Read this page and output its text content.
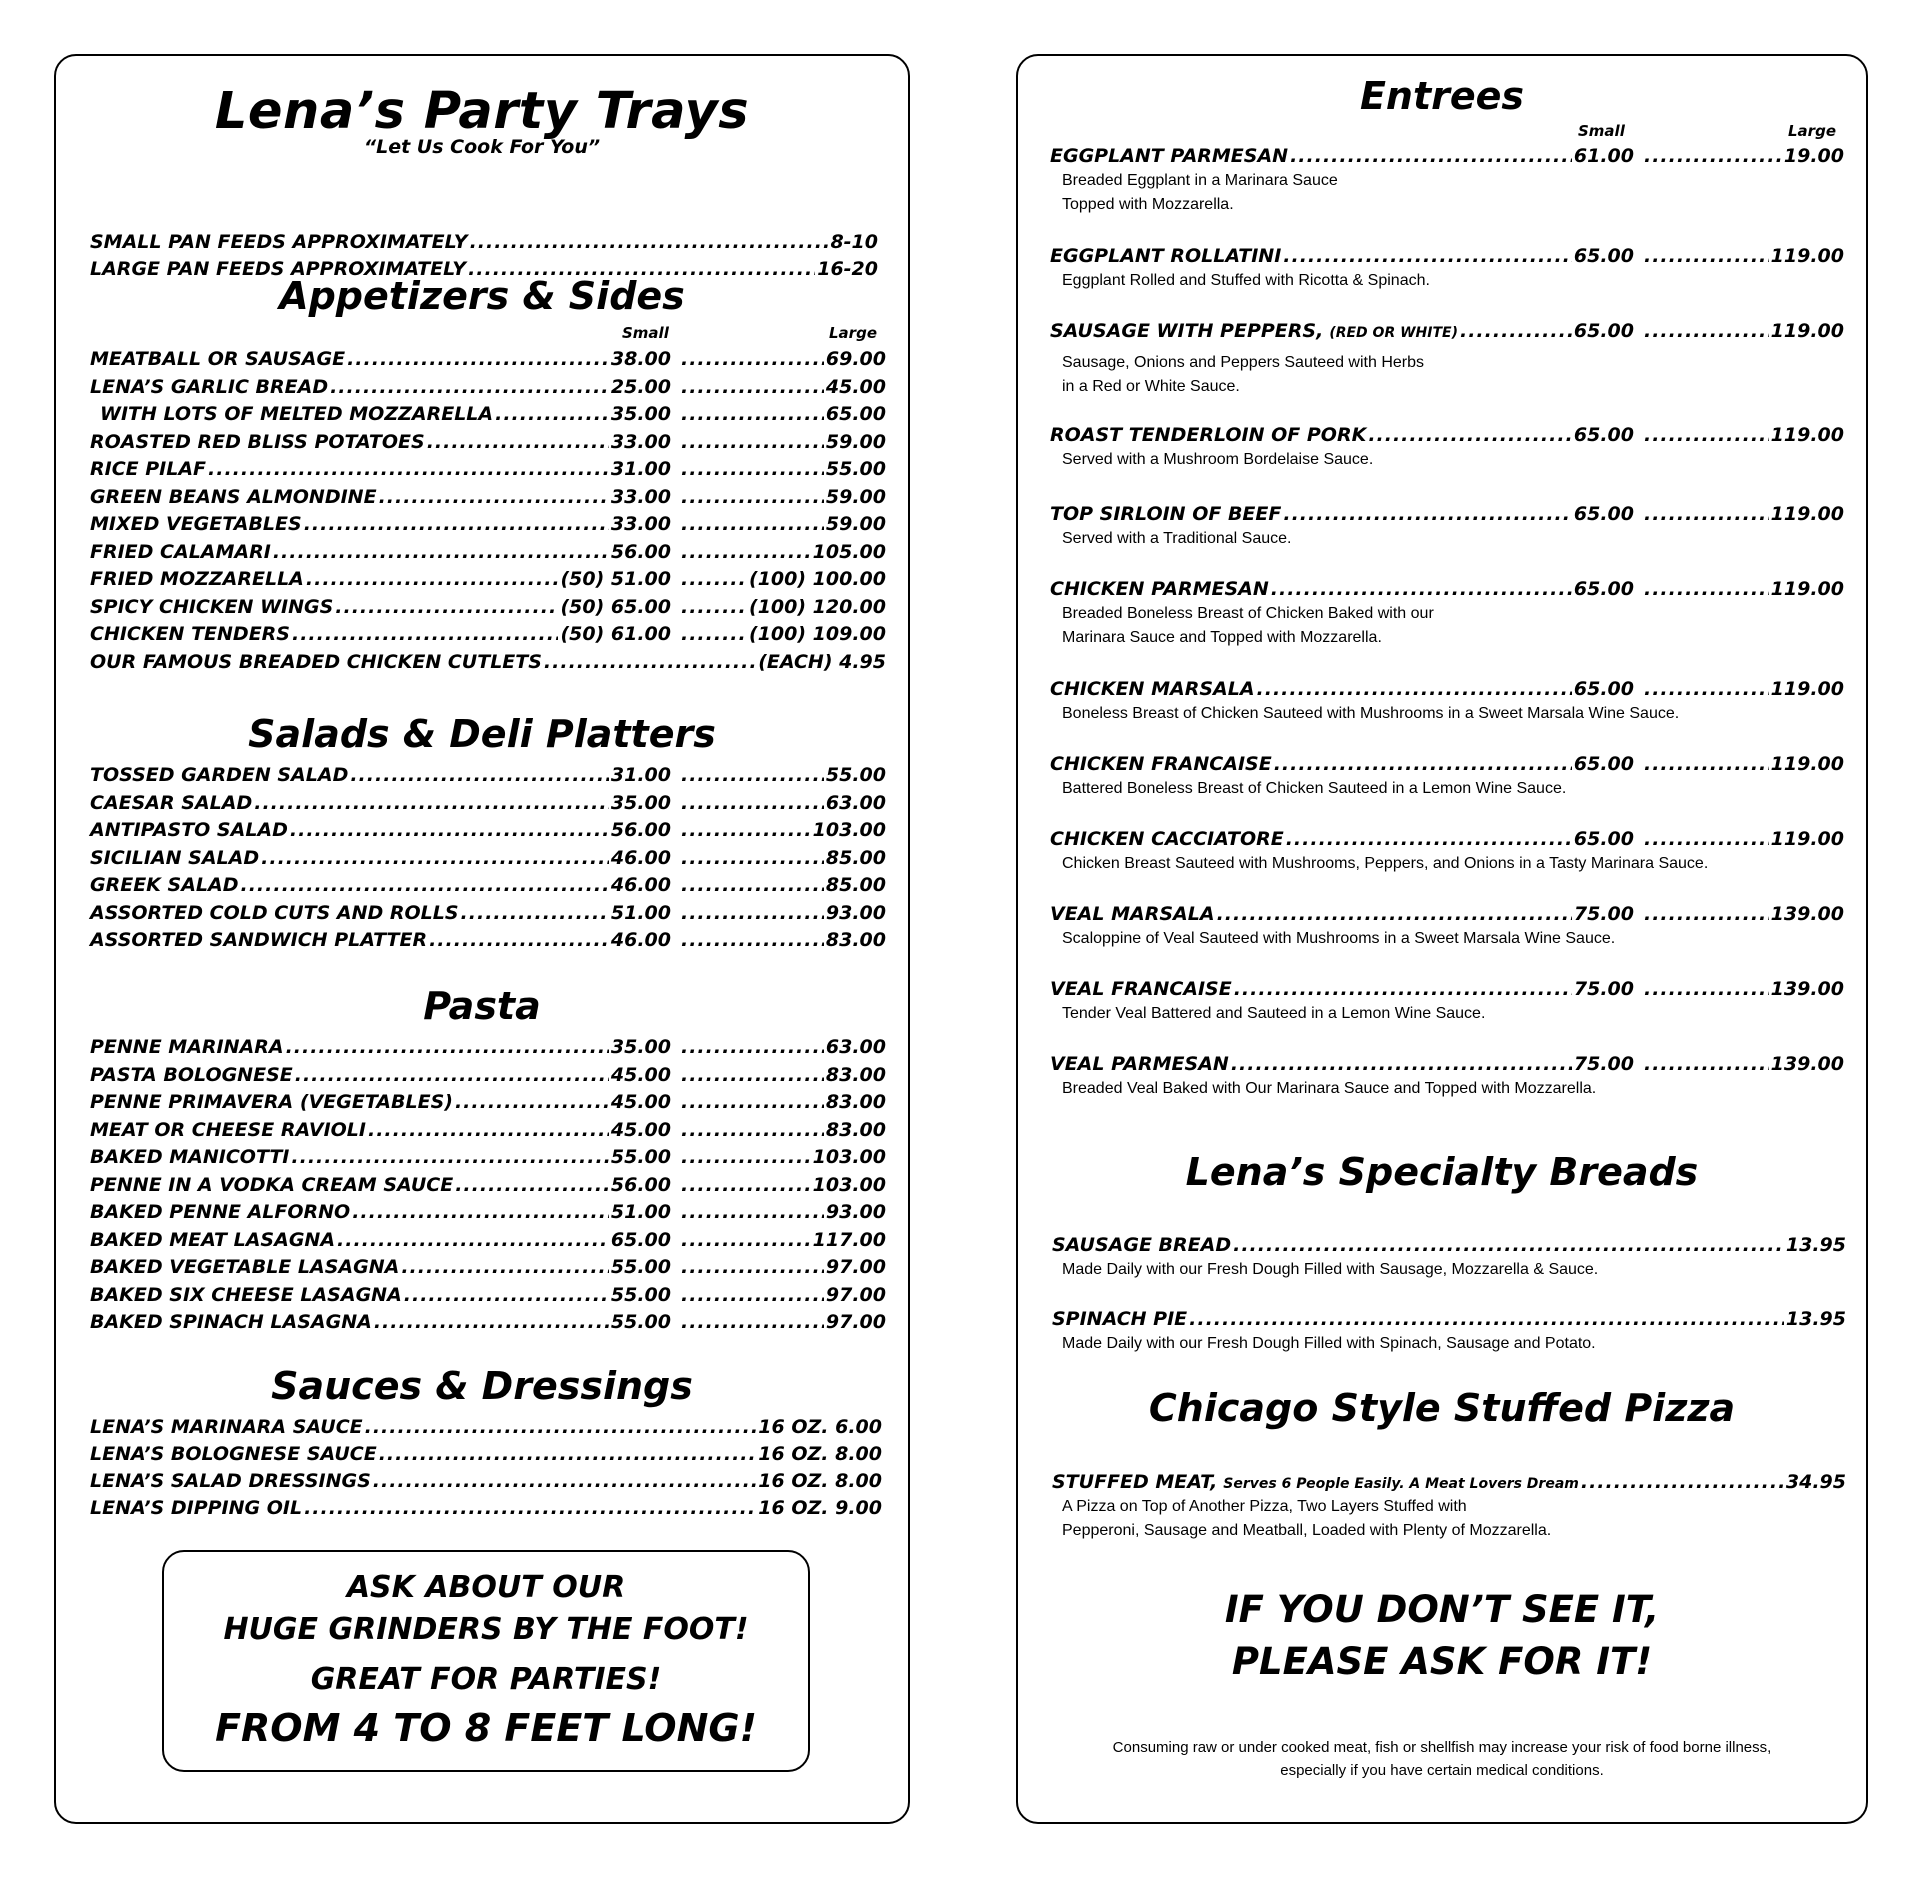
Lena’s Party Trays
“Let Us Cook For You”
SMALL PAN FEEDS APPROXIMATELY .....	8-10
LARGE PAN FEEDS APPROXIMATELY .....	16-20
Appetizers & Sides
Small	Large
MEATBALL OR SAUSAGE .....	38.00 .....	69.00
LENA’S GARLIC BREAD .....	25.00 .....	45.00
WITH LOTS OF MELTED MOZZARELLA .....	35.00 .....	65.00
ROASTED RED BLISS POTATOES .....	33.00 .....	59.00
RICE PILAF .....	31.00 .....	55.00
GREEN BEANS ALMONDINE .....	33.00 .....	59.00
MIXED VEGETABLES .....	33.00 .....	59.00
FRIED CALAMARI .....	56.00 .....	105.00
FRIED MOZZARELLA .....	(50) 51.00 .....	(100) 100.00
SPICY CHICKEN WINGS .....	(50) 65.00 .....	(100) 120.00
CHICKEN TENDERS .....	(50) 61.00 .....	(100) 109.00
OUR FAMOUS BREADED CHICKEN CUTLETS .....	(EACH) 4.95
Salads & Deli Platters
TOSSED GARDEN SALAD .....	31.00 .....	55.00
CAESAR SALAD .....	35.00 .....	63.00
ANTIPASTO SALAD .....	56.00 .....	103.00
SICILIAN SALAD .....	46.00 .....	85.00
GREEK SALAD .....	46.00 .....	85.00
ASSORTED COLD CUTS AND ROLLS .....	51.00 .....	93.00
ASSORTED SANDWICH PLATTER .....	46.00 .....	83.00
Pasta
PENNE MARINARA .....	35.00 .....	63.00
PASTA BOLOGNESE .....	45.00 .....	83.00
PENNE PRIMAVERA (VEGETABLES) .....	45.00 .....	83.00
MEAT OR CHEESE RAVIOLI .....	45.00 .....	83.00
BAKED MANICOTTI .....	55.00 .....	103.00
PENNE IN A VODKA CREAM SAUCE .....	56.00 .....	103.00
BAKED PENNE ALFORNO .....	51.00 .....	93.00
BAKED MEAT LASAGNA .....	65.00 .....	117.00
BAKED VEGETABLE LASAGNA .....	55.00 .....	97.00
BAKED SIX CHEESE LASAGNA .....	55.00 .....	97.00
BAKED SPINACH LASAGNA .....	55.00 .....	97.00
Sauces & Dressings
LENA’S MARINARA SAUCE .....	16 OZ. 6.00
LENA’S BOLOGNESE SAUCE .....	16 OZ. 8.00
LENA’S SALAD DRESSINGS .....	16 OZ. 8.00
LENA’S DIPPING OIL .....	16 OZ. 9.00
ASK ABOUT OUR
HUGE GRINDERS BY THE FOOT!
GREAT FOR PARTIES!
FROM 4 TO 8 FEET LONG!
Entrees
Small	Large
EGGPLANT PARMESAN .....	61.00 .....	19.00
Breaded Eggplant in a Marinara Sauce
Topped with Mozzarella.
EGGPLANT ROLLATINI .....	65.00 .....	119.00
Eggplant Rolled and Stuffed with Ricotta & Spinach.
SAUSAGE WITH PEPPERS, (RED OR WHITE) .....	65.00 .....	119.00
Sausage, Onions and Peppers Sauteed with Herbs
in a Red or White Sauce.
ROAST TENDERLOIN OF PORK .....	65.00 .....	119.00
Served with a Mushroom Bordelaise Sauce.
TOP SIRLOIN OF BEEF .....	65.00 .....	119.00
Served with a Traditional Sauce.
CHICKEN PARMESAN .....	65.00 .....	119.00
Breaded Boneless Breast of Chicken Baked with our
Marinara Sauce and Topped with Mozzarella.
CHICKEN MARSALA .....	65.00 .....	119.00
Boneless Breast of Chicken Sauteed with Mushrooms in a Sweet Marsala Wine Sauce.
CHICKEN FRANCAISE .....	65.00 .....	119.00
Battered Boneless Breast of Chicken Sauteed in a Lemon Wine Sauce.
CHICKEN CACCIATORE .....	65.00 .....	119.00
Chicken Breast Sauteed with Mushrooms, Peppers, and Onions in a Tasty Marinara Sauce.
VEAL MARSALA .....	75.00 .....	139.00
Scaloppine of Veal Sauteed with Mushrooms in a Sweet Marsala Wine Sauce.
VEAL FRANCAISE .....	75.00 .....	139.00
Tender Veal Battered and Sauteed in a Lemon Wine Sauce.
VEAL PARMESAN .....	75.00 .....	139.00
Breaded Veal Baked with Our Marinara Sauce and Topped with Mozzarella.
Lena’s Specialty Breads
SAUSAGE BREAD .....	13.95
Made Daily with our Fresh Dough Filled with Sausage, Mozzarella & Sauce.
SPINACH PIE .....	13.95
Made Daily with our Fresh Dough Filled with Spinach, Sausage and Potato.
Chicago Style Stuffed Pizza
STUFFED MEAT, Serves 6 People Easily. A Meat Lovers Dream .....	34.95
A Pizza on Top of Another Pizza, Two Layers Stuffed with
Pepperoni, Sausage and Meatball, Loaded with Plenty of Mozzarella.
IF YOU DON’T SEE IT,
PLEASE ASK FOR IT!
Consuming raw or under cooked meat, fish or shellfish may increase your risk of food borne illness,
especially if you have certain medical conditions.
